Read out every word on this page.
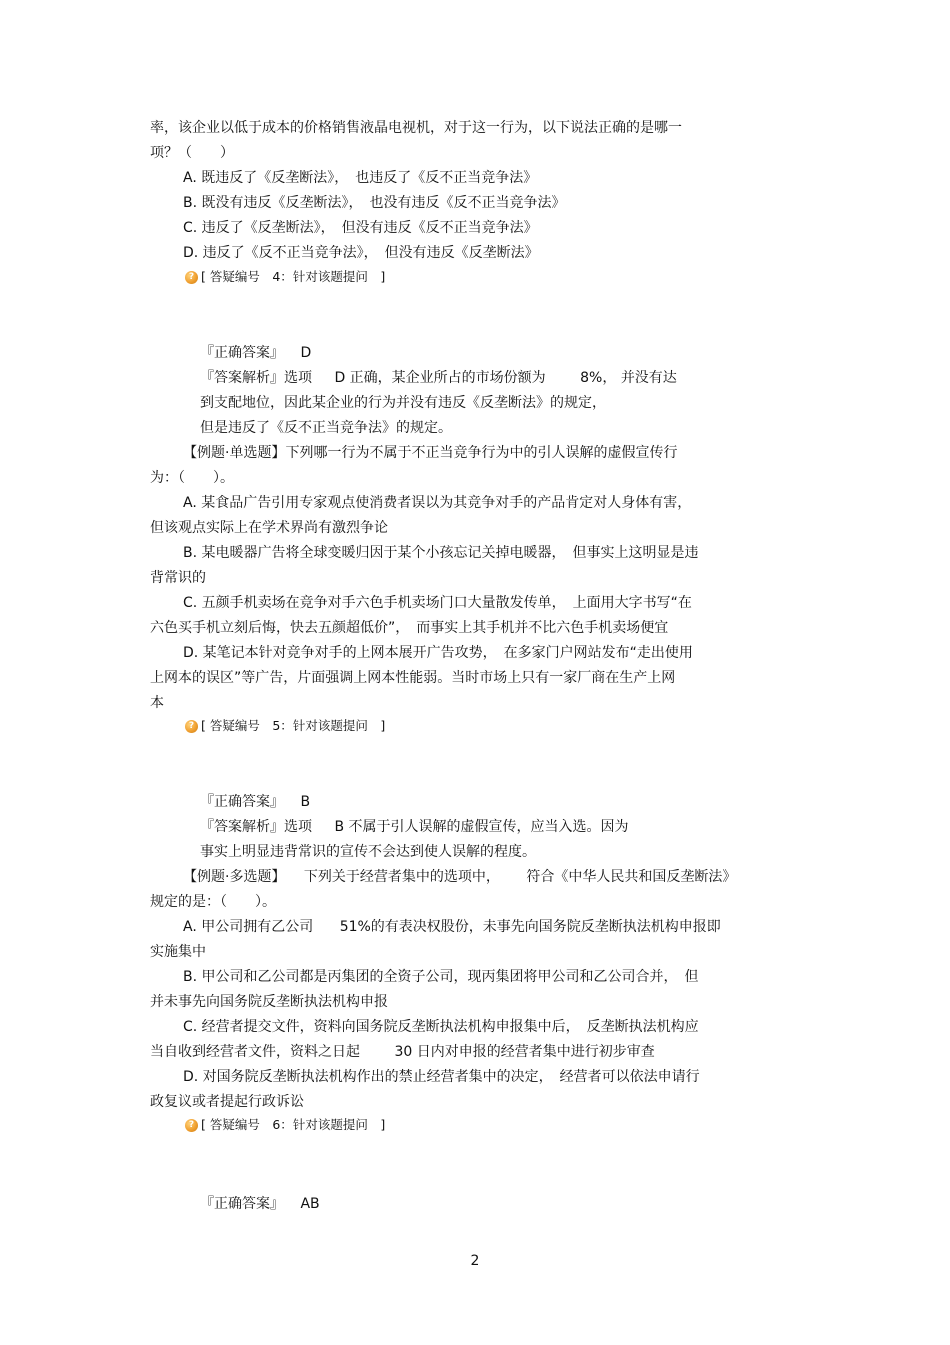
率，该企业以低于成本的价格销售液晶电视机，对于这一行为，以下说法正确的是哪一
项？（　　）
A. 既违反了《反垄断法》，　也违反了《反不正当竞争法》
B. 既没有违反《反垄断法》，　也没有违反《反不正当竞争法》
C. 违反了《反垄断法》，　但没有违反《反不正当竞争法》
D. 违反了《反不正当竞争法》，　但没有违反《反垄断法》
? [ 答疑编号　4： 针对该题提问 　]
『正确答案』 D
『答案解析』选项 D 正确，某企业所占的市场份额为 8%， 并没有达
到支配地位，因此某企业的行为并没有违反《反垄断法》的规定，
但是违反了《反不正当竞争法》的规定。
【例题·单选题】下列哪一行为不属于不正当竞争行为中的引人误解的虚假宣传行
为：（　　）。
A. 某食品广告引用专家观点使消费者误以为其竞争对手的产品肯定对人身体有害，
但该观点实际上在学术界尚有激烈争论
B. 某电暖器广告将全球变暖归因于某个小孩忘记关掉电暖器，　但事实上这明显是违
背常识的
C. 五颜手机卖场在竞争对手六色手机卖场门口大量散发传单，　上面用大字书写“在
六色买手机立刻后悔，快去五颜超低价”，　而事实上其手机并不比六色手机卖场便宜
D. 某笔记本针对竞争对手的上网本展开广告攻势，　在多家门户网站发布“走出使用
上网本的误区”等广告，片面强调上网本性能弱。当时市场上只有一家厂商在生产上网
本
? [ 答疑编号　5： 针对该题提问 　]
『正确答案』 B
『答案解析』选项 B 不属于引人误解的虚假宣传，应当入选。因为
事实上明显违背常识的宣传不会达到使人误解的程度。
【例题·多选题】 下列关于经营者集中的选项中， 符合《中华人民共和国反垄断法》
规定的是：（　　）。
A. 甲公司拥有乙公司 51%的有表决权股份，未事先向国务院反垄断执法机构申报即
实施集中
B. 甲公司和乙公司都是丙集团的全资子公司，现丙集团将甲公司和乙公司合并，　但
并未事先向国务院反垄断执法机构申报
C. 经营者提交文件，资料向国务院反垄断执法机构申报集中后，　反垄断执法机构应
当自收到经营者文件，资料之日起 30 日内对申报的经营者集中进行初步审查
D. 对国务院反垄断执法机构作出的禁止经营者集中的决定，　经营者可以依法申请行
政复议或者提起行政诉讼
? [ 答疑编号　6： 针对该题提问 　]
『正确答案』 AB
2
